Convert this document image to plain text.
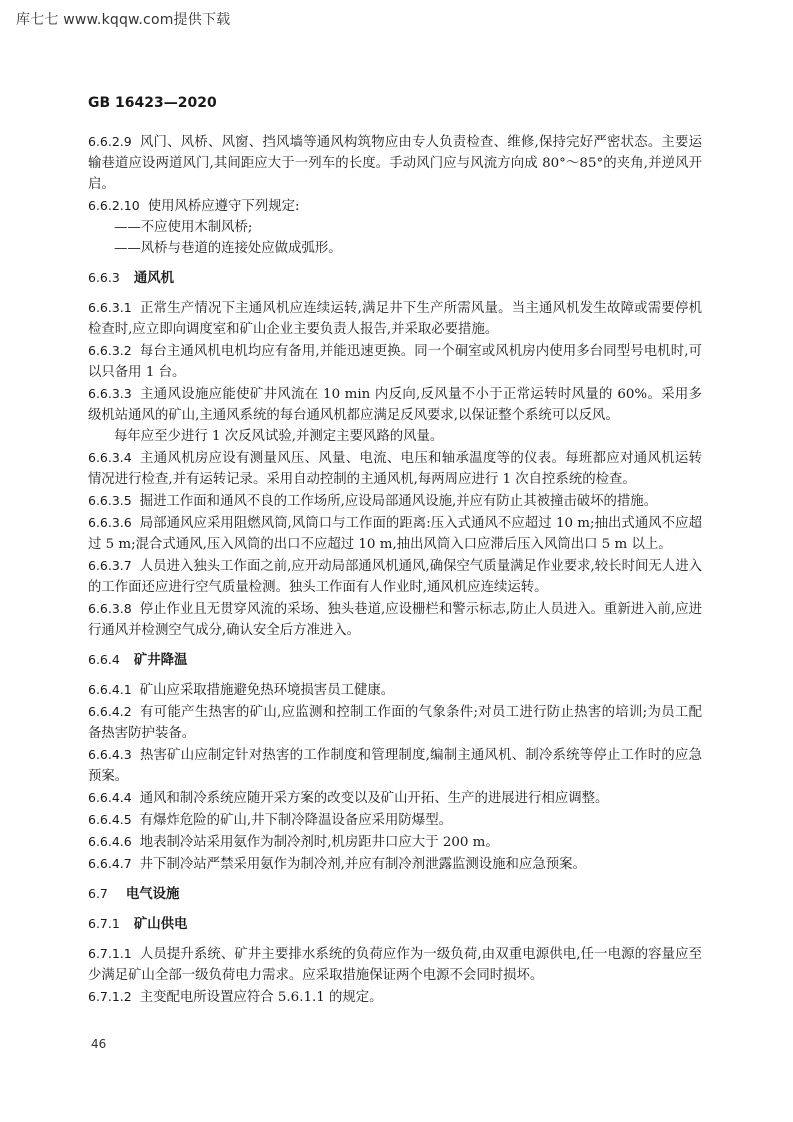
库七七 www.kqqw.com提供下载
GB 16423—2020
6.6.2.9 风门、风桥、风窗、挡风墙等通风构筑物应由专人负责检查、维修,保持完好严密状态。主要运输巷道应设两道风门,其间距应大于一列车的长度。手动风门应与风流方向成 80°～85°的夹角,并逆风开启。
6.6.2.10 使用风桥应遵守下列规定:
——不应使用木制风桥;
——风桥与巷道的连接处应做成弧形。
6.6.3 通风机
6.6.3.1 正常生产情况下主通风机应连续运转,满足井下生产所需风量。当主通风机发生故障或需要停机检查时,应立即向调度室和矿山企业主要负责人报告,并采取必要措施。
6.6.3.2 每台主通风机电机均应有备用,并能迅速更换。同一个硐室或风机房内使用多台同型号电机时,可以只备用 1 台。
6.6.3.3 主通风设施应能使矿井风流在 10 min 内反向,反风量不小于正常运转时风量的 60%。采用多级机站通风的矿山,主通风系统的每台通风机都应满足反风要求,以保证整个系统可以反风。
每年应至少进行 1 次反风试验,并测定主要风路的风量。
6.6.3.4 主通风机房应设有测量风压、风量、电流、电压和轴承温度等的仪表。每班都应对通风机运转情况进行检查,并有运转记录。采用自动控制的主通风机,每两周应进行 1 次自控系统的检查。
6.6.3.5 掘进工作面和通风不良的工作场所,应设局部通风设施,并应有防止其被撞击破坏的措施。
6.6.3.6 局部通风应采用阻燃风筒,风筒口与工作面的距离:压入式通风不应超过 10 m;抽出式通风不应超过 5 m;混合式通风,压入风筒的出口不应超过 10 m,抽出风筒入口应滞后压入风筒出口 5 m 以上。
6.6.3.7 人员进入独头工作面之前,应开动局部通风机通风,确保空气质量满足作业要求,较长时间无人进入的工作面还应进行空气质量检测。独头工作面有人作业时,通风机应连续运转。
6.6.3.8 停止作业且无贯穿风流的采场、独头巷道,应设栅栏和警示标志,防止人员进入。重新进入前,应进行通风并检测空气成分,确认安全后方准进入。
6.6.4 矿井降温
6.6.4.1 矿山应采取措施避免热环境损害员工健康。
6.6.4.2 有可能产生热害的矿山,应监测和控制工作面的气象条件;对员工进行防止热害的培训;为员工配备热害防护装备。
6.6.4.3 热害矿山应制定针对热害的工作制度和管理制度,编制主通风机、制冷系统等停止工作时的应急预案。
6.6.4.4 通风和制冷系统应随开采方案的改变以及矿山开拓、生产的进展进行相应调整。
6.6.4.5 有爆炸危险的矿山,井下制冷降温设备应采用防爆型。
6.6.4.6 地表制冷站采用氨作为制冷剂时,机房距井口应大于 200 m。
6.6.4.7 井下制冷站严禁采用氨作为制冷剂,并应有制冷剂泄露监测设施和应急预案。
6.7 电气设施
6.7.1 矿山供电
6.7.1.1 人员提升系统、矿井主要排水系统的负荷应作为一级负荷,由双重电源供电,任一电源的容量应至少满足矿山全部一级负荷电力需求。应采取措施保证两个电源不会同时损坏。
6.7.1.2 主变配电所设置应符合 5.6.1.1 的规定。
46
